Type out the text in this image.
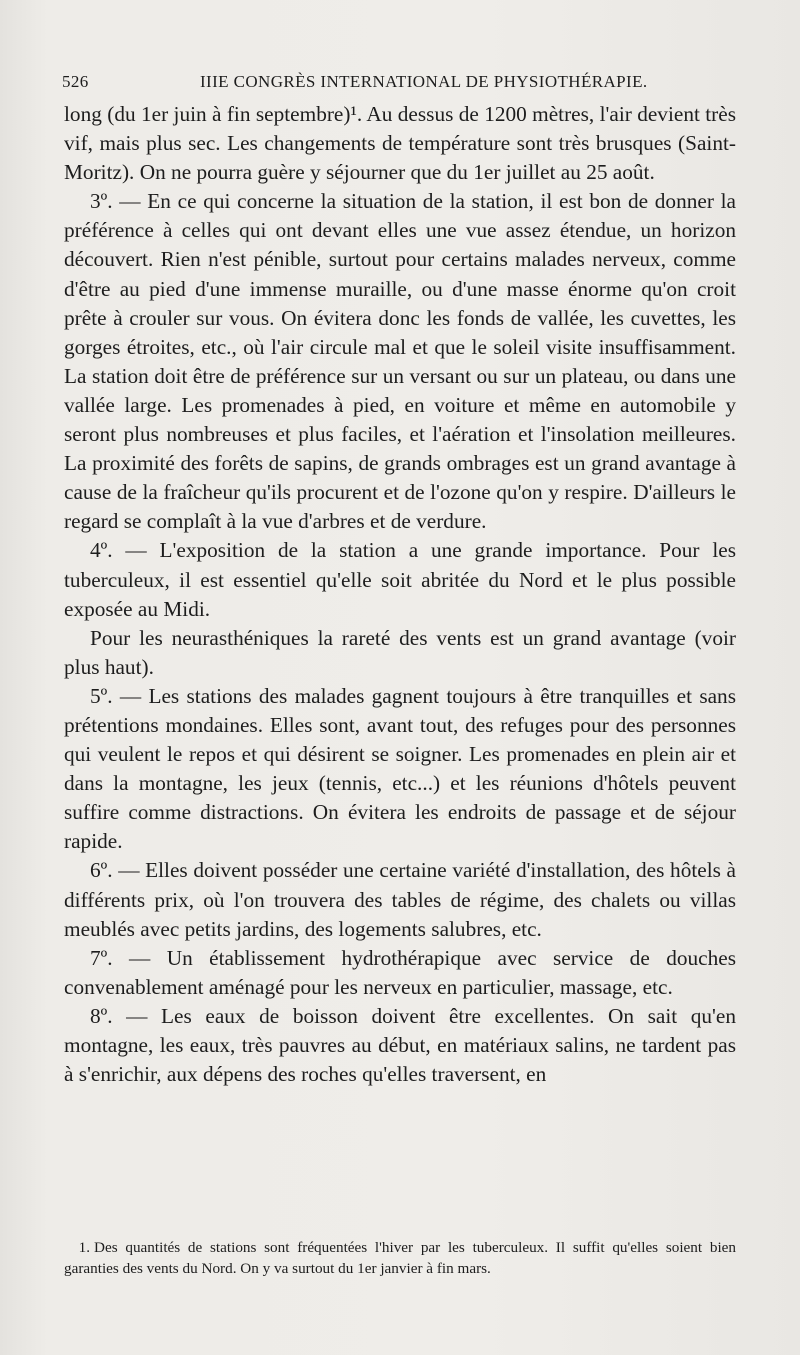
526	IIIE CONGRÈS INTERNATIONAL DE PHYSIOTHÉRAPIE.

long (du 1er juin à fin septembre)¹. Au dessus de 1200 mètres, l'air devient très vif, mais plus sec. Les changements de température sont très brusques (Saint-Moritz). On ne pourra guère y séjourner que du 1er juillet au 25 août.

3º. — En ce qui concerne la situation de la station, il est bon de donner la préférence à celles qui ont devant elles une vue assez étendue, un horizon découvert. Rien n'est pénible, surtout pour certains malades nerveux, comme d'être au pied d'une immense muraille, ou d'une masse énorme qu'on croit prête à crouler sur vous. On évitera donc les fonds de vallée, les cuvettes, les gorges étroites, etc., où l'air circule mal et que le soleil visite insuffisamment. La station doit être de préférence sur un versant ou sur un plateau, ou dans une vallée large. Les promenades à pied, en voiture et même en automobile y seront plus nombreuses et plus faciles, et l'aération et l'insolation meilleures. La proximité des forêts de sapins, de grands ombrages est un grand avantage à cause de la fraîcheur qu'ils procurent et de l'ozone qu'on y respire. D'ailleurs le regard se complaît à la vue d'arbres et de verdure.

4º. — L'exposition de la station a une grande importance. Pour les tuberculeux, il est essentiel qu'elle soit abritée du Nord et le plus possible exposée au Midi.

Pour les neurasthéniques la rareté des vents est un grand avantage (voir plus haut).

5º. — Les stations des malades gagnent toujours à être tranquilles et sans prétentions mondaines. Elles sont, avant tout, des refuges pour des personnes qui veulent le repos et qui désirent se soigner. Les promenades en plein air et dans la montagne, les jeux (tennis, etc...) et les réunions d'hôtels peuvent suffire comme distractions. On évitera les endroits de passage et de séjour rapide.

6º. — Elles doivent posséder une certaine variété d'installation, des hôtels à différents prix, où l'on trouvera des tables de régime, des chalets ou villas meublés avec petits jardins, des logements salubres, etc.

7º. — Un établissement hydrothérapique avec service de douches convenablement aménagé pour les nerveux en particulier, massage, etc.

8º. — Les eaux de boisson doivent être excellentes. On sait qu'en montagne, les eaux, très pauvres au début, en matériaux salins, ne tardent pas à s'enrichir, aux dépens des roches qu'elles traversent, en

1. Des quantités de stations sont fréquentées l'hiver par les tuberculeux. Il suffit qu'elles soient bien garanties des vents du Nord. On y va surtout du 1er janvier à fin mars.
